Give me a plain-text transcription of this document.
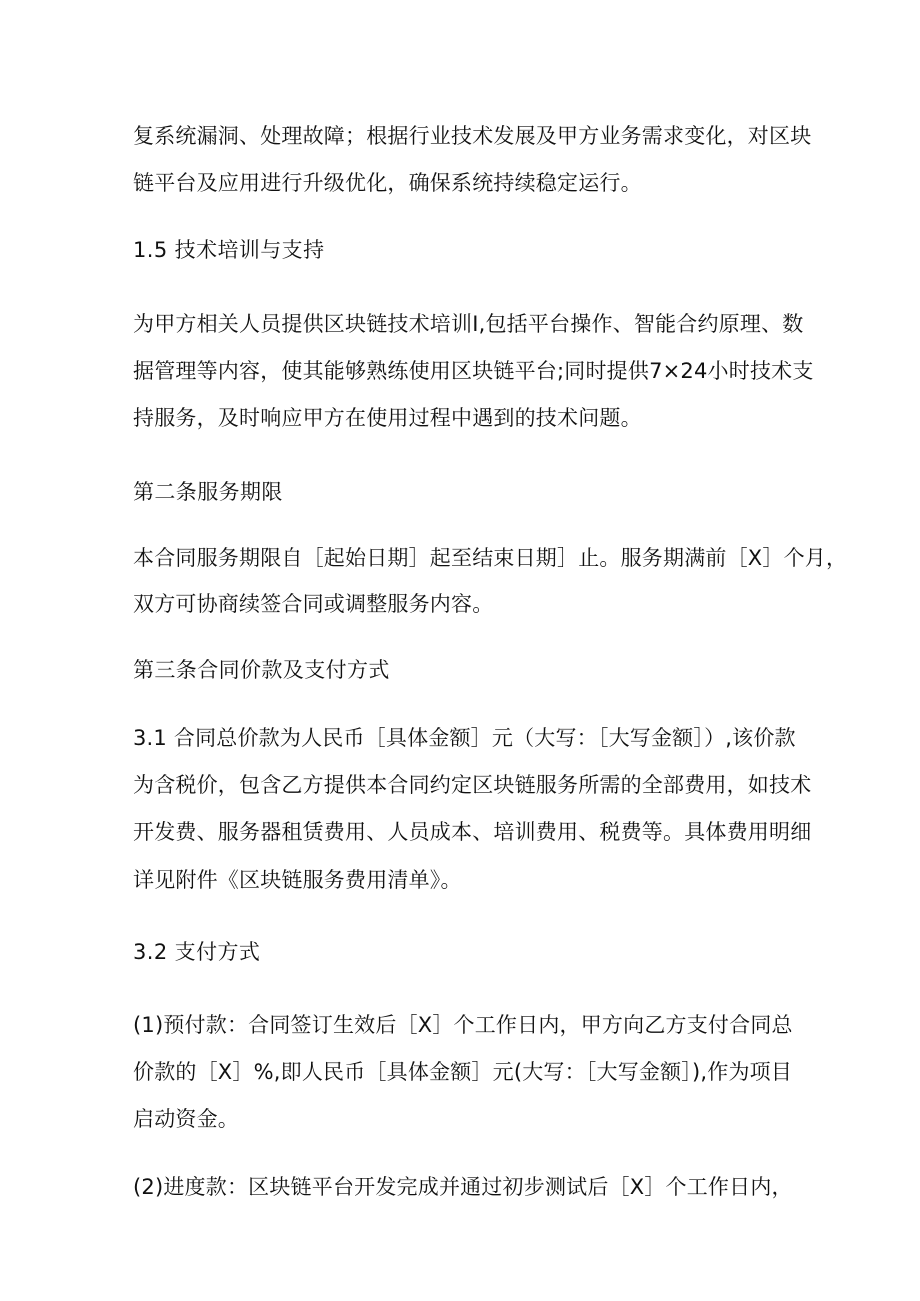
复系统漏洞、处理故障；根据行业技术发展及甲方业务需求变化，对区块
链平台及应用进行升级优化，确保系统持续稳定运行。
1.5 技术培训与支持
为甲方相关人员提供区块链技术培训I,包括平台操作、智能合约原理、数
据管理等内容，使其能够熟练使用区块链平台;同时提供7×24小时技术支
持服务，及时响应甲方在使用过程中遇到的技术问题。
第二条服务期限
本合同服务期限自［起始日期］起至结束日期］止。服务期满前［X］个月，
双方可协商续签合同或调整服务内容。
第三条合同价款及支付方式
3.1 合同总价款为人民币［具体金额］元（大写：［大写金额］）,该价款
为含税价，包含乙方提供本合同约定区块链服务所需的全部费用，如技术
开发费、服务器租赁费用、人员成本、培训费用、税费等。具体费用明细
详见附件《区块链服务费用清单》。
3.2 支付方式
(1)预付款：合同签订生效后［X］个工作日内，甲方向乙方支付合同总
价款的［X］%,即人民币［具体金额］元(大写：［大写金额］),作为项目
启动资金。
(2)进度款：区块链平台开发完成并通过初步测试后［X］个工作日内，
